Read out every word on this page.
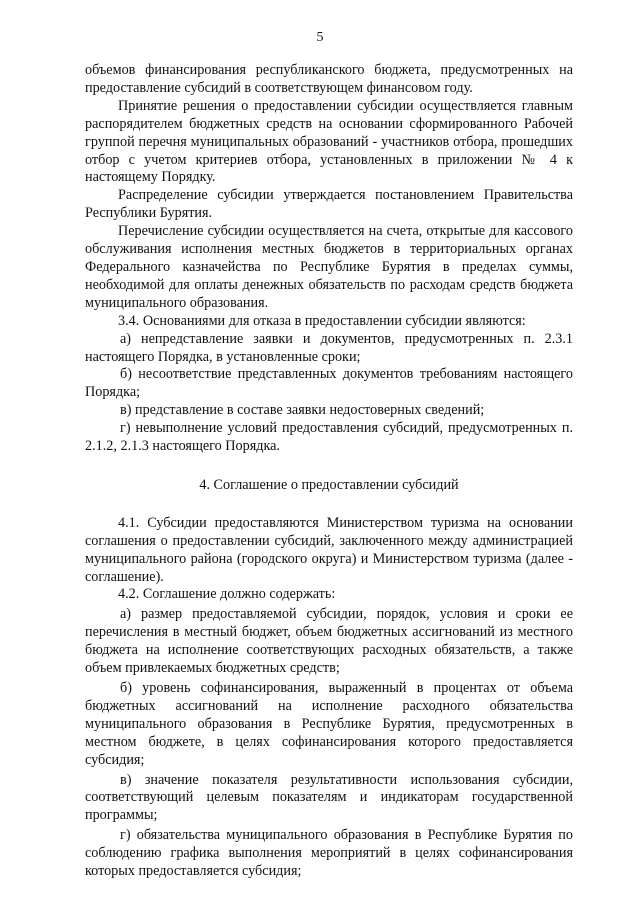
5

объемов финансирования республиканского бюджета, предусмотренных на предоставление субсидий в соответствующем финансовом году.

Принятие решения о предоставлении субсидии осуществляется главным распорядителем бюджетных средств на основании сформированного Рабочей группой перечня муниципальных образований - участников отбора, прошедших отбор с учетом критериев отбора, установленных в приложении № 4 к настоящему Порядку.

Распределение субсидии утверждается постановлением Правительства Республики Бурятия.

Перечисление субсидии осуществляется на счета, открытые для кассового обслуживания исполнения местных бюджетов в территориальных органах Федерального казначейства по Республике Бурятия в пределах суммы, необходимой для оплаты денежных обязательств по расходам средств бюджета муниципального образования.

3.4. Основаниями для отказа в предоставлении субсидии являются:

а) непредставление заявки и документов, предусмотренных п. 2.3.1 настоящего Порядка, в установленные сроки;

б) несоответствие представленных документов требованиям настоящего Порядка;

в) представление в составе заявки недостоверных сведений;

г) невыполнение условий предоставления субсидий, предусмотренных п. 2.1.2, 2.1.3 настоящего Порядка.

4. Соглашение о предоставлении субсидий

4.1. Субсидии предоставляются Министерством туризма на основании соглашения о предоставлении субсидий, заключенного между администрацией муниципального района (городского округа) и Министерством туризма (далее - соглашение).

4.2. Соглашение должно содержать:

а) размер предоставляемой субсидии, порядок, условия и сроки ее перечисления в местный бюджет, объем бюджетных ассигнований из местного бюджета на исполнение соответствующих расходных обязательств, а также объем привлекаемых бюджетных средств;

б) уровень софинансирования, выраженный в процентах от объема бюджетных ассигнований на исполнение расходного обязательства муниципального образования в Республике Бурятия, предусмотренных в местном бюджете, в целях софинансирования которого предоставляется субсидия;

в) значение показателя результативности использования субсидии, соответствующий целевым показателям и индикаторам государственной программы;

г) обязательства муниципального образования в Республике Бурятия по соблюдению графика выполнения мероприятий в целях софинансирования которых предоставляется субсидия;
